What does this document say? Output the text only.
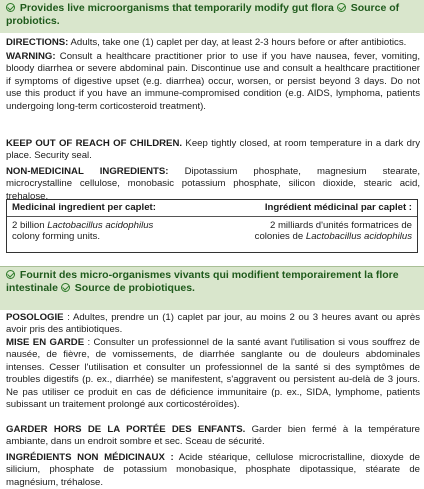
Provides live microorganisms that temporarily modify gut flora Source of probiotics.
DIRECTIONS: Adults, take one (1) caplet per day, at least 2-3 hours before or after antibiotics.
WARNING: Consult a healthcare practitioner prior to use if you have nausea, fever, vomiting, bloody diarrhea or severe abdominal pain. Discontinue use and consult a healthcare practitioner if symptoms of digestive upset (e.g. diarrhea) occur, worsen, or persist beyond 3 days. Do not use this product if you have an immune-compromised condition (e.g. AIDS, lymphoma, patients undergoing long-term corticosteroid treatment).
KEEP OUT OF REACH OF CHILDREN. Keep tightly closed, at room temperature in a dark dry place. Security seal.
NON-MEDICINAL INGREDIENTS: Dipotassium phosphate, magnesium stearate, microcrystalline cellulose, monobasic potassium phosphate, silicon dioxide, stearic acid, trehalose.
Medicinal ingredient per caplet:	Ingrédient médicinal par caplet :
2 billion Lactobacillus acidophilus
colony forming units.
2 milliards d'unités formatrices de
colonies de Lactobacillus acidophilus
Fournit des micro-organismes vivants qui modifient temporairement la flore intestinale Source de probiotiques.
POSOLOGIE : Adultes, prendre un (1) caplet par jour, au moins 2 ou 3 heures avant ou après avoir pris des antibiotiques.
MISE EN GARDE : Consulter un professionnel de la santé avant l'utilisation si vous souffrez de nausée, de fièvre, de vomissements, de diarrhée sanglante ou de douleurs abdominales intenses. Cesser l'utilisation et consulter un professionnel de la santé si des symptômes de troubles digestifs (p. ex., diarrhée) se manifestent, s'aggravent ou persistent au-delà de 3 jours. Ne pas utiliser ce produit en cas de déficience immunitaire (p. ex., SIDA, lymphome, patients subissant un traitement prolongé aux corticostéroïdes).
GARDER HORS DE LA PORTÉE DES ENFANTS. Garder bien fermé à la température ambiante, dans un endroit sombre et sec. Sceau de sécurité.
INGRÉDIENTS NON MÉDICINAUX : Acide stéarique, cellulose microcristalline, dioxyde de silicium, phosphate de potassium monobasique, phosphate dipotassique, stéarate de magnésium, tréhalose.
